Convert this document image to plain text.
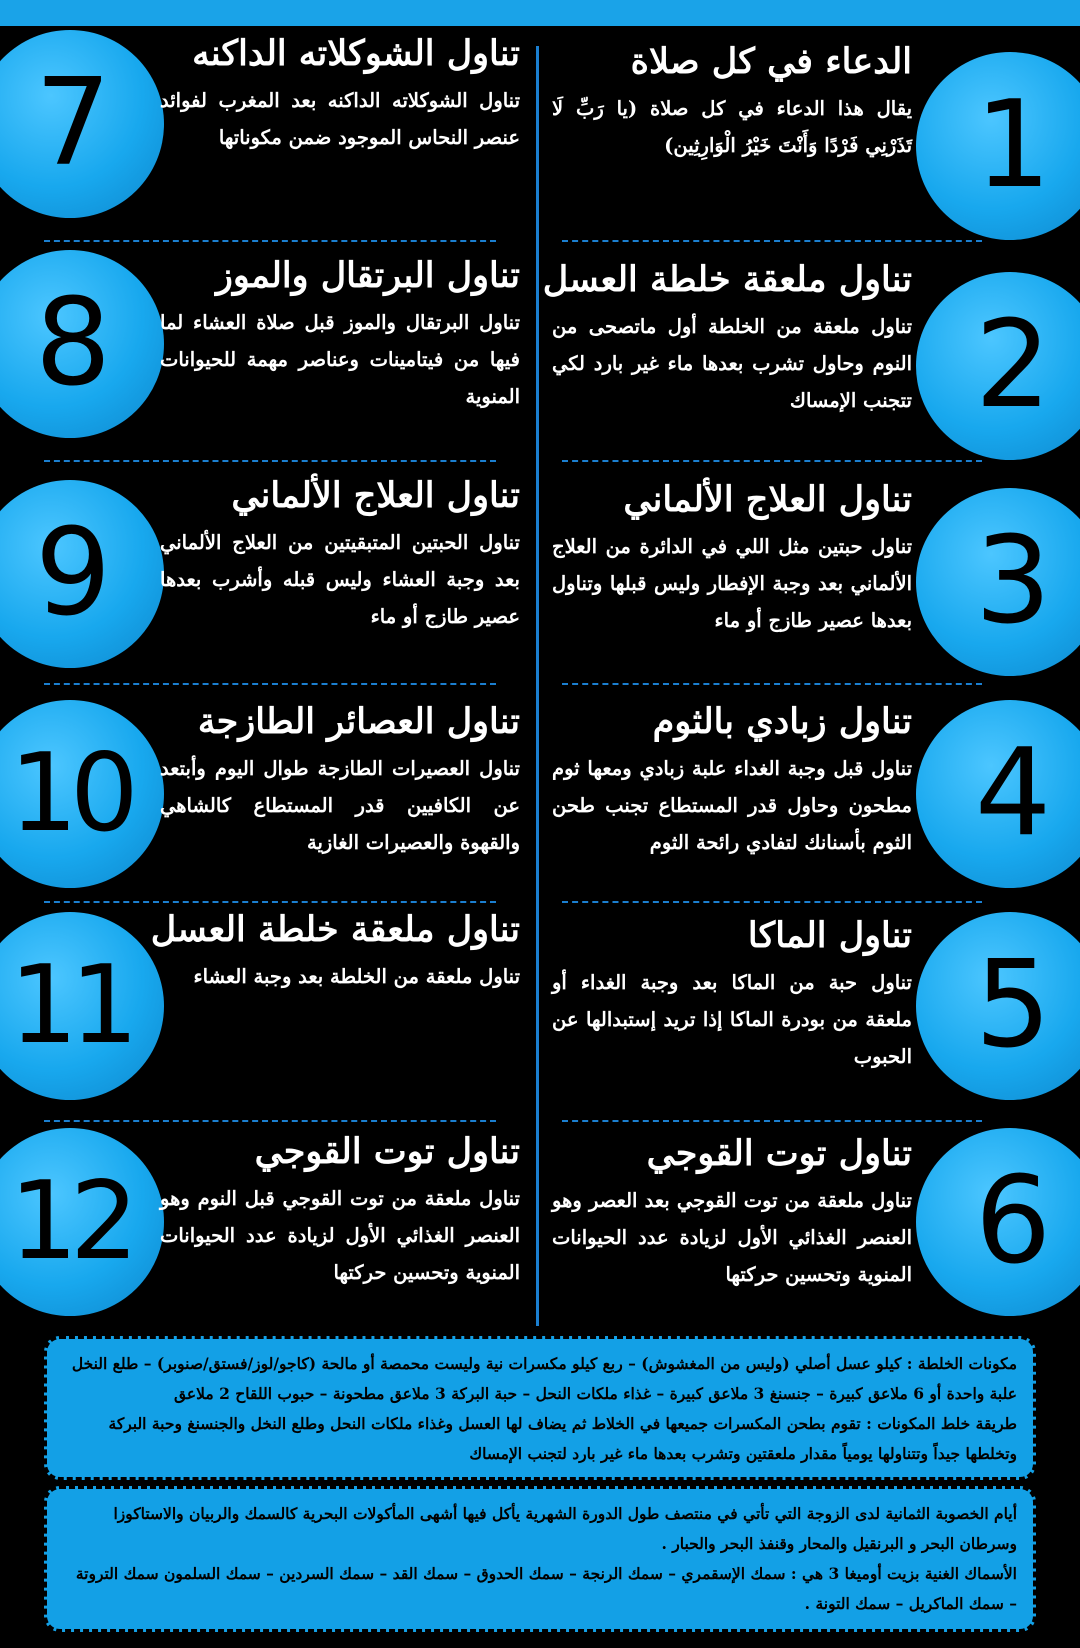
1
2
3
4
5
6
7
8
9
10
11
12
الدعاء في كل صلاة
يقال هذا الدعاء في كل صلاة (يا رَبِّ لَا تَذَرْنِي فَرْدًا وَأَنْتَ خَيْرُ الْوَارِثِين)
تناول ملعقة خلطة العسل
تناول ملعقة من الخلطة أول ماتصحى من النوم وحاول تشرب بعدها ماء غير بارد لكي تتجنب الإمساك
تناول العلاج الألماني
تناول حبتين مثل اللي في الدائرة من العلاج الألماني بعد وجبة الإفطار وليس قبلها وتناول بعدها عصير طازج أو ماء
تناول زبادي بالثوم
تناول قبل وجبة الغداء علبة زبادي ومعها ثوم مطحون وحاول قدر المستطاع تجنب طحن الثوم بأسنانك لتفادي رائحة الثوم
تناول الماكا
تناول حبة من الماكا بعد وجبة الغداء أو ملعقة من بودرة الماكا إذا تريد إستبدالها عن الحبوب
تناول توت القوجي
تناول ملعقة من توت القوجي بعد العصر وهو العنصر الغذائي الأول لزيادة عدد الحيوانات المنوية وتحسين حركتها
تناول الشوكلاته الداكنه
تناول الشوكلاته الداكنه بعد المغرب لفوائد عنصر النحاس الموجود ضمن مكوناتها
تناول البرتقال والموز
تناول البرتقال والموز قبل صلاة العشاء لما فيها من فيتامينات وعناصر مهمة للحيوانات المنوية
تناول العلاج الألماني
تناول الحبتين المتبقيتين من العلاج الألماني بعد وجبة العشاء وليس قبله وأشرب بعدها عصير طازج أو ماء
تناول العصائر الطازجة
تناول العصيرات الطازجة طوال اليوم وأبتعد عن الكافيين قدر المستطاع كالشاهي والقهوة والعصيرات الغازية
تناول ملعقة خلطة العسل
تناول ملعقة من الخلطة بعد وجبة العشاء
تناول توت القوجي
تناول ملعقة من توت القوجي قبل النوم وهو العنصر الغذائي الأول لزيادة عدد الحيوانات المنوية وتحسين حركتها

مكونات الخلطة : كيلو عسل أصلي (وليس من المغشوش) – ربع كيلو مكسرات نية وليست محمصة أو مالحة (كاجو/لوز/فستق/صنوبر) – طلع النخل علبة واحدة أو 6 ملاعق كبيرة – جنسنغ 3 ملاعق كبيرة – غذاء ملكات النحل – حبة البركة 3 ملاعق مطحونة – حبوب اللقاح 2 ملاعق

طريقة خلط المكونات : تقوم بطحن المكسرات جميعها في الخلاط ثم يضاف لها العسل وغذاء ملكات النحل وطلع النخل والجنسنغ وحبة البركة وتخلطها جيداً وتتناولها يومياً مقدار ملعقتين وتشرب بعدها ماء غير بارد لتجنب الإمساك

أيام الخصوبة الثمانية لدى الزوجة التي تأتي في منتصف طول الدورة الشهرية يأكل فيها أشهى المأكولات البحرية كالسمك والربيان والاستاكوزا وسرطان البحر و البرنقيل والمحار وقنفذ البحر والحبار .

الأسماك الغنية بزيت أوميغا 3 هي : سمك الإسقمري – سمك الرنجة – سمك الحدوق – سمك القد – سمك السردين – سمك السلمون سمك التروتة – سمك الماكريل – سمك التونة .
